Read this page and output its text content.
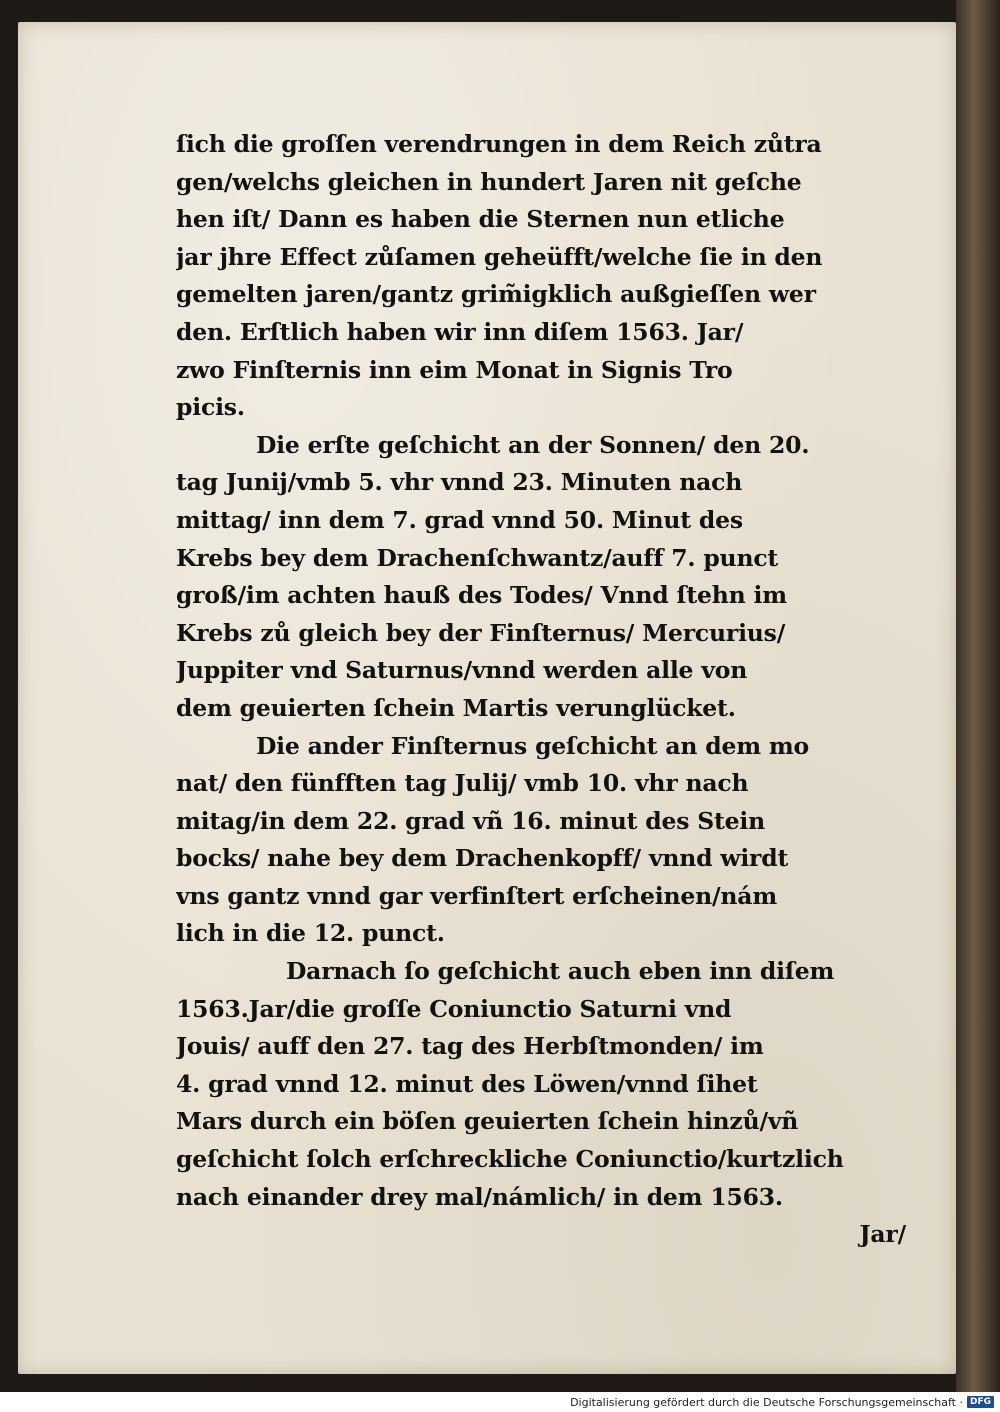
ſich die groſſen verendrungen in dem Reich zůtra
gen/welchs gleichen in hundert Jaren nit geſche
hen iſt/ Dann es haben die Sternen nun etliche
jar jhre Effect zůſamen geheüfft/welche ſie in den
gemelten jaren/gantz grim̃igklich außgieſſen wer
den. Erſtlich haben wir inn diſem 1563. Jar/
zwo Finſternis inn eim Monat in Signis Tro
picis.
Die erſte geſchicht an der Sonnen/ den 20.
tag Junij/vmb 5. vhr vnnd 23. Minuten nach
mittag/ inn dem 7. grad vnnd 50. Minut des
Krebs bey dem Drachenſchwantz/auff 7. punct
groß/im achten hauß des Todes/ Vnnd ſtehn im
Krebs zů gleich bey der Finſternus/ Mercurius/
Juppiter vnd Saturnus/vnnd werden alle von
dem geuierten ſchein Martis verunglücket.
Die ander Finſternus geſchicht an dem mo
nat/ den fünfften tag Julij/ vmb 10. vhr nach
mitag/in dem 22. grad vñ 16. minut des Stein
bocks/ nahe bey dem Drachenkopff/ vnnd wirdt
vns gantz vnnd gar verfinſtert erſcheinen/nám
lich in die 12. punct.
Darnach ſo geſchicht auch eben inn diſem
1563.Jar/die groſſe Coniunctio Saturni vnd
Jouis/ auff den 27. tag des Herbſtmonden/ im
4. grad vnnd 12. minut des Löwen/vnnd ſihet
Mars durch ein böſen geuierten ſchein hinzů/vñ
geſchicht ſolch erſchreckliche Coniunctio/kurtzlich
nach einander drey mal/námlich/ in dem 1563.
Jar/
Digitalisierung gefördert durch die Deutsche Forschungsgemeinschaft · DFG
